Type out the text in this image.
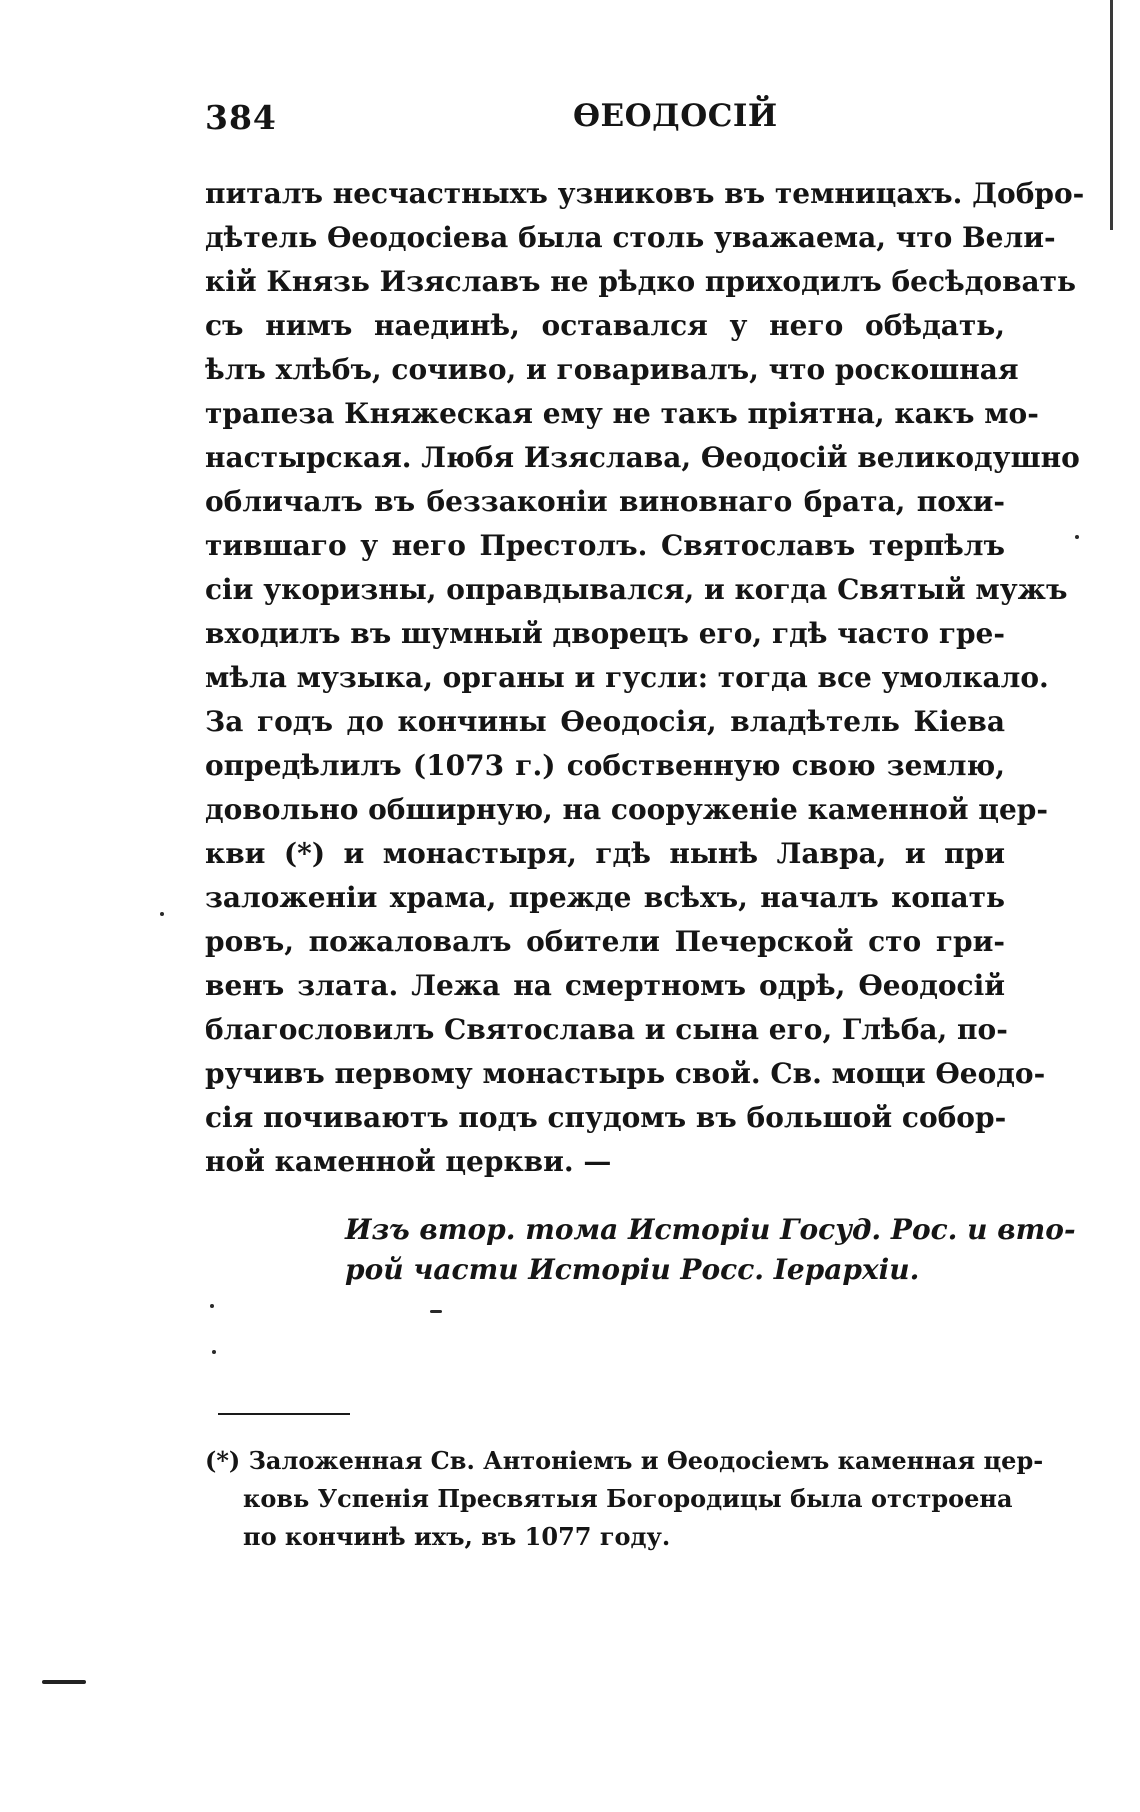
384	ѲЕОДОСІЙ
питалъ несчастныхъ узниковъ въ темницахъ. Добро-
дѣтель Ѳеодосіева была столь уважаема, что Вели-
кій Князь Изяславъ не рѣдко приходилъ бесѣдовать
съ нимъ наединѣ, оставался у него обѣдать,
ѣлъ хлѣбъ, сочиво, и говаривалъ, что роскошная
трапеза Княжеская ему не такъ пріятна, какъ мо-
настырская. Любя Изяслава, Ѳеодосій великодушно
обличалъ въ беззаконіи виновнаго брата, похи-
тившаго у него Престолъ. Святославъ терпѣлъ
сіи укоризны, оправдывался, и когда Святый мужъ
входилъ въ шумный дворецъ его, гдѣ часто гре-
мѣла музыка, органы и гусли: тогда все умолкало.
За годъ до кончины Ѳеодосія, владѣтель Кіева
опредѣлилъ (1073 г.) собственную свою землю,
довольно обширную, на сооруженіе каменной цер-
кви (*) и монастыря, гдѣ нынѣ Лавра, и при
заложеніи храма, прежде всѣхъ, началъ копать
ровъ, пожаловалъ обители Печерской сто гри-
венъ злата. Лежа на смертномъ одрѣ, Ѳеодосій
благословилъ Святослава и сына его, Глѣба, по-
ручивъ первому монастырь свой. Св. мощи Ѳеодо-
сія почиваютъ подъ спудомъ въ большой собор-
ной каменной церкви. —
Изъ втор. тома Исторіи Госуд. Рос. и вто-
рой части Исторіи Росс. Іерархіи.
(*) Заложенная Св. Антоніемъ и Ѳеодосіемъ каменная цер-
ковь Успенія Пресвятыя Богородицы была отстроена
по кончинѣ ихъ, въ 1077 году.
